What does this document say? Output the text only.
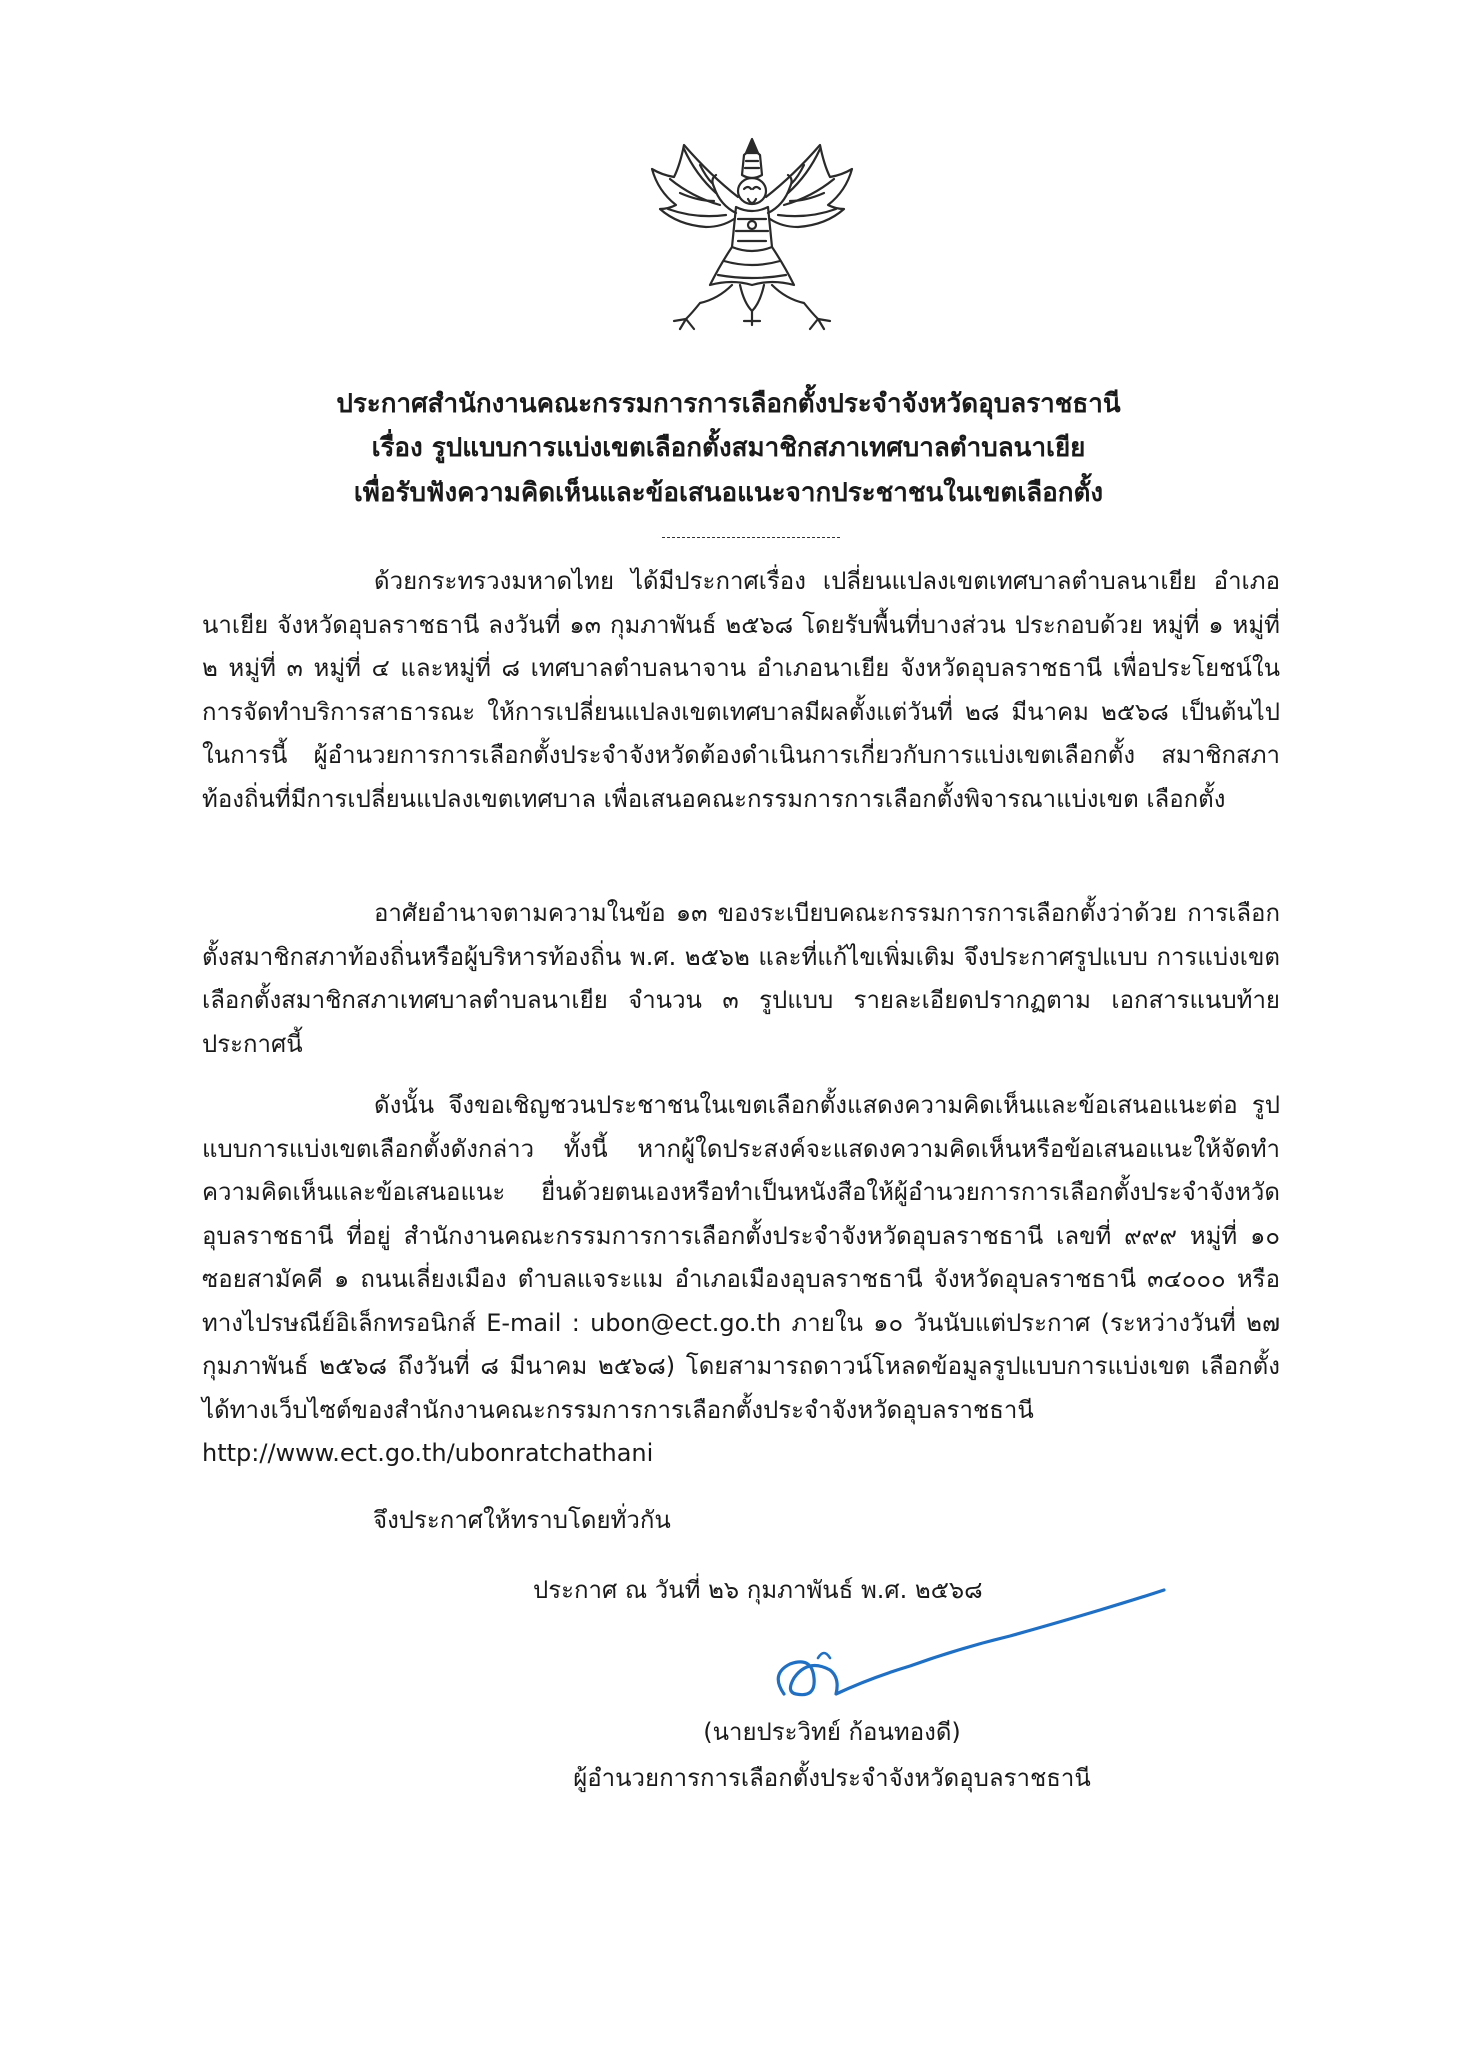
ประกาศสำนักงานคณะกรรมการการเลือกตั้งประจำจังหวัดอุบลราชธานี
เรื่อง รูปแบบการแบ่งเขตเลือกตั้งสมาชิกสภาเทศบาลตำบลนาเยีย
เพื่อรับฟังความคิดเห็นและข้อเสนอแนะจากประชาชนในเขตเลือกตั้ง

ด้วยกระทรวงมหาดไทย ได้มีประกาศเรื่อง เปลี่ยนแปลงเขตเทศบาลตำบลนาเยีย อำเภอนาเยีย จังหวัดอุบลราชธานี ลงวันที่ ๑๓ กุมภาพันธ์ ๒๕๖๘ โดยรับพื้นที่บางส่วน ประกอบด้วย หมู่ที่ ๑ หมู่ที่ ๒ หมู่ที่ ๓ หมู่ที่ ๔ และหมู่ที่ ๘ เทศบาลตำบลนาจาน อำเภอนาเยีย จังหวัดอุบลราชธานี เพื่อประโยชน์ในการจัดทำบริการสาธารณะ ให้การเปลี่ยนแปลงเขตเทศบาลมีผลตั้งแต่วันที่ ๒๘ มีนาคม ๒๕๖๘ เป็นต้นไป ในการนี้ ผู้อำนวยการการเลือกตั้งประจำจังหวัดต้องดำเนินการเกี่ยวกับการแบ่งเขตเลือกตั้ง สมาชิกสภาท้องถิ่นที่มีการเปลี่ยนแปลงเขตเทศบาล เพื่อเสนอคณะกรรมการการเลือกตั้งพิจารณาแบ่งเขต เลือกตั้ง

อาศัยอำนาจตามความในข้อ ๑๓ ของระเบียบคณะกรรมการการเลือกตั้งว่าด้วย การเลือกตั้งสมาชิกสภาท้องถิ่นหรือผู้บริหารท้องถิ่น พ.ศ. ๒๕๖๒ และที่แก้ไขเพิ่มเติม จึงประกาศรูปแบบ การแบ่งเขตเลือกตั้งสมาชิกสภาเทศบาลตำบลนาเยีย จำนวน ๓ รูปแบบ รายละเอียดปรากฏตาม เอกสารแนบท้ายประกาศนี้

ดังนั้น จึงขอเชิญชวนประชาชนในเขตเลือกตั้งแสดงความคิดเห็นและข้อเสนอแนะต่อ รูปแบบการแบ่งเขตเลือกตั้งดังกล่าว ทั้งนี้ หากผู้ใดประสงค์จะแสดงความคิดเห็นหรือข้อเสนอแนะให้จัดทำ ความคิดเห็นและข้อเสนอแนะ ยื่นด้วยตนเองหรือทำเป็นหนังสือให้ผู้อำนวยการการเลือกตั้งประจำจังหวัด อุบลราชธานี ที่อยู่ สำนักงานคณะกรรมการการเลือกตั้งประจำจังหวัดอุบลราชธานี เลขที่ ๙๙๙ หมู่ที่ ๑๐ ซอยสามัคคี ๑ ถนนเลี่ยงเมือง ตำบลแจระแม อำเภอเมืองอุบลราชธานี จังหวัดอุบลราชธานี ๓๔๐๐๐ หรือทางไปรษณีย์อิเล็กทรอนิกส์ E-mail : ubon@ect.go.th ภายใน ๑๐ วันนับแต่ประกาศ (ระหว่างวันที่ ๒๗ กุมภาพันธ์ ๒๕๖๘ ถึงวันที่ ๘ มีนาคม ๒๕๖๘) โดยสามารถดาวน์โหลดข้อมูลรูปแบบการแบ่งเขต เลือกตั้งได้ทางเว็บไซต์ของสำนักงานคณะกรรมการการเลือกตั้งประจำจังหวัดอุบลราชธานี http://www.ect.go.th/ubonratchathani

จึงประกาศให้ทราบโดยทั่วกัน
ประกาศ ณ วันที่ ๒๖ กุมภาพันธ์ พ.ศ. ๒๕๖๘
(นายประวิทย์ ก้อนทองดี)
ผู้อำนวยการการเลือกตั้งประจำจังหวัดอุบลราชธานี
